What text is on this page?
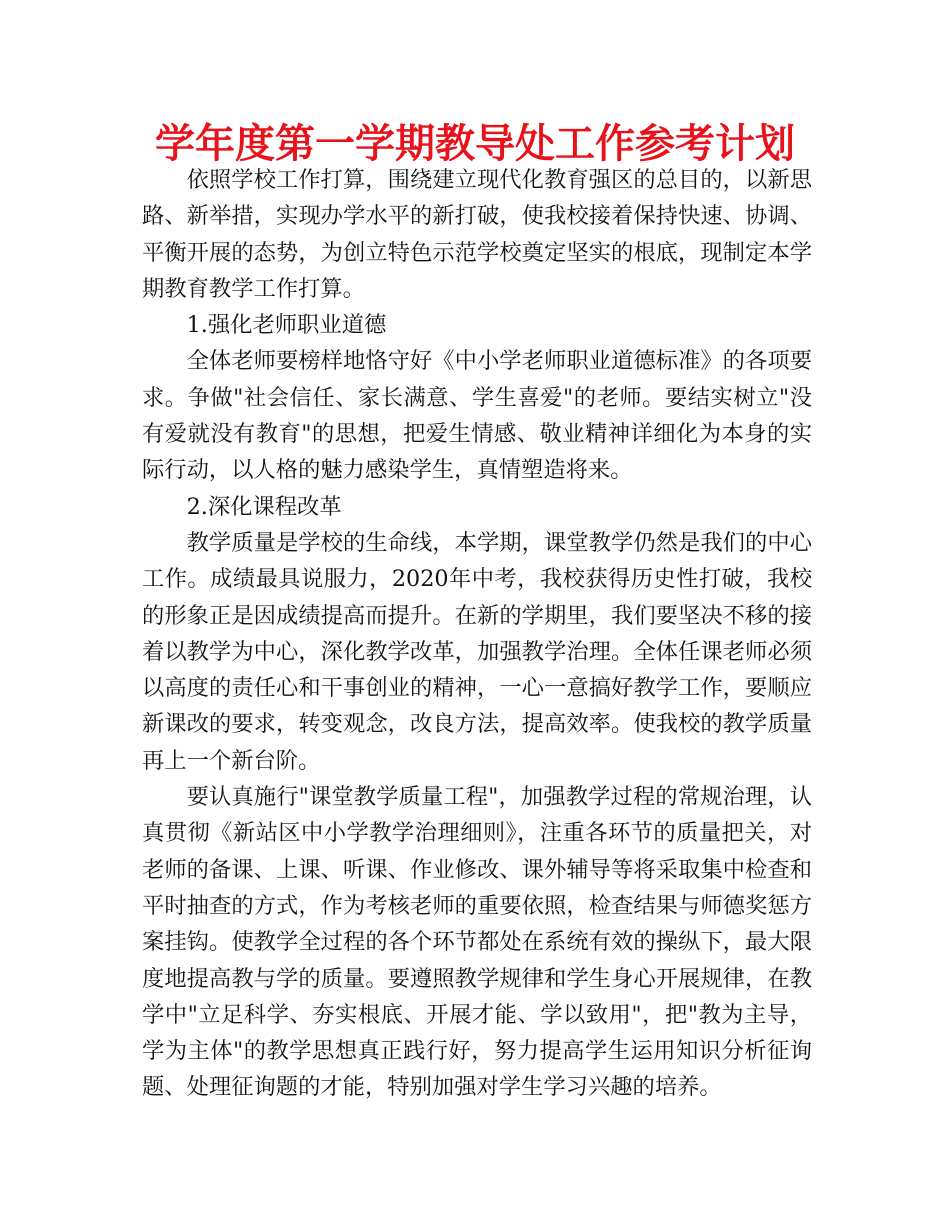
学年度第一学期教导处工作参考计划

依照学校工作打算，围绕建立现代化教育强区的总目的，以新思路、新举措，实现办学水平的新打破，使我校接着保持快速、协调、平衡开展的态势，为创立特色示范学校奠定坚实的根底，现制定本学期教育教学工作打算。

1.强化老师职业道德

全体老师要榜样地恪守好《中小学老师职业道德标准》的各项要求。争做"社会信任、家长满意、学生喜爱"的老师。要结实树立"没有爱就没有教育"的思想，把爱生情感、敬业精神详细化为本身的实际行动，以人格的魅力感染学生，真情塑造将来。

2.深化课程改革

教学质量是学校的生命线，本学期，课堂教学仍然是我们的中心工作。成绩最具说服力，2020年中考，我校获得历史性打破，我校的形象正是因成绩提高而提升。在新的学期里，我们要坚决不移的接着以教学为中心，深化教学改革，加强教学治理。全体任课老师必须以高度的责任心和干事创业的精神，一心一意搞好教学工作，要顺应新课改的要求，转变观念，改良方法，提高效率。使我校的教学质量再上一个新台阶。

要认真施行"课堂教学质量工程"，加强教学过程的常规治理，认真贯彻《新站区中小学教学治理细则》，注重各环节的质量把关，对老师的备课、上课、听课、作业修改、课外辅导等将采取集中检查和平时抽查的方式，作为考核老师的重要依照，检查结果与师德奖惩方案挂钩。使教学全过程的各个环节都处在系统有效的操纵下，最大限度地提高教与学的质量。要遵照教学规律和学生身心开展规律，在教学中"立足科学、夯实根底、开展才能、学以致用"，把"教为主导，学为主体"的教学思想真正践行好，努力提高学生运用知识分析征询题、处理征询题的才能，特别加强对学生学习兴趣的培养。
